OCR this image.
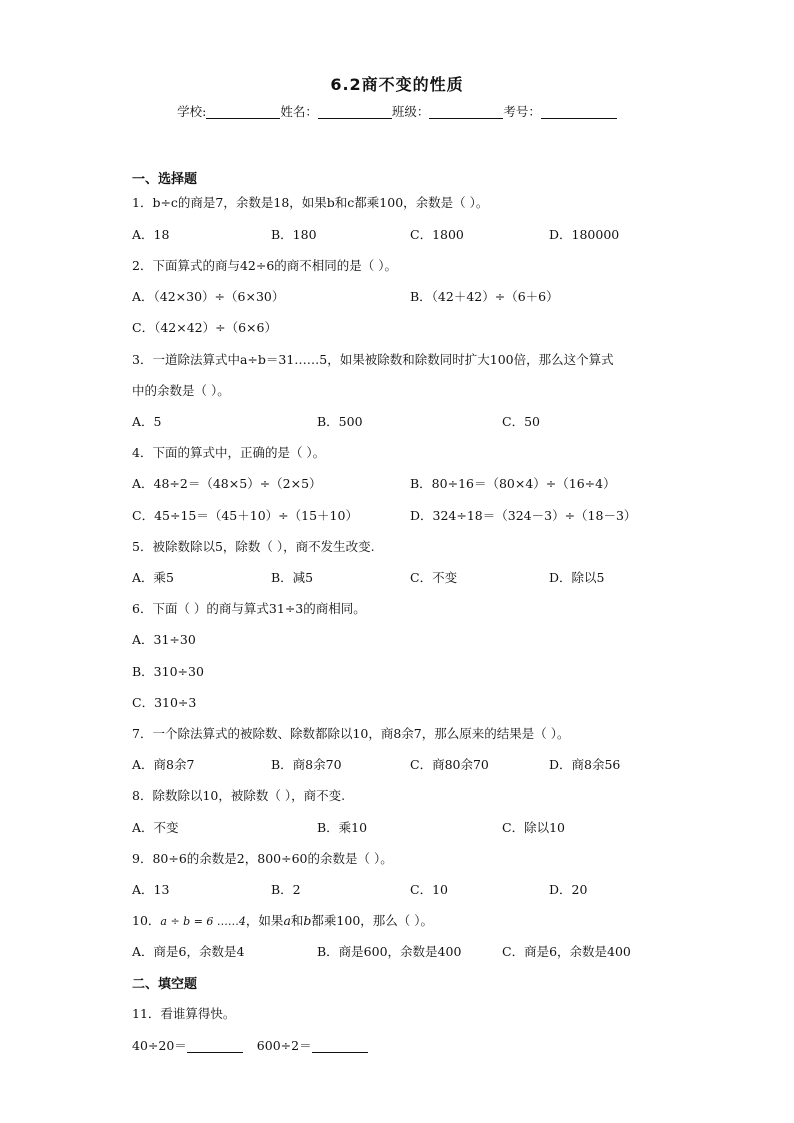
6.2商不变的性质
学校:	姓名：	班级：	考号：
一、选择题
1．b÷c的商是7，余数是18，如果b和c都乘100，余数是（ ）。
A．18	B．180	C．1800	D．180000
2．下面算式的商与42÷6的商不相同的是（ ）。
A．（42×30）÷（6×30）	B．（42＋42）÷（6＋6）
C．（42×42）÷（6×6）
3．一道除法算式中a÷b＝31……5，如果被除数和除数同时扩大100倍，那么这个算式
中的余数是（ ）。
A．5	B．500	C．50
4．下面的算式中，正确的是（ ）。
A．48÷2＝（48×5）÷（2×5）	B．80÷16＝（80×4）÷（16÷4）
C．45÷15＝（45＋10）÷（15＋10）	D．324÷18＝（324－3）÷（18－3）
5．被除数除以5，除数（ ），商不发生改变.
A．乘5	B．减5	C．不变	D．除以5
6．下面（ ）的商与算式31÷3的商相同。
A．31÷30
B．310÷30
C．310÷3
7．一个除法算式的被除数、除数都除以10，商8余7，那么原来的结果是（ ）。
A．商8余7	B．商8余70	C．商80余70	D．商8余56
8．除数除以10，被除数（ ），商不变.
A．不变	B．乘10	C．除以10
9．80÷6的余数是2，800÷60的余数是（ ）。
A．13	B．2	C．10	D．20
10．a ÷ b = 6 ……4，如果a和b都乘100，那么（ ）。
A．商是6，余数是4	B．商是600，余数是400	C．商是6，余数是400
二、填空题
11．看谁算得快。
40÷20＝	600÷2＝
